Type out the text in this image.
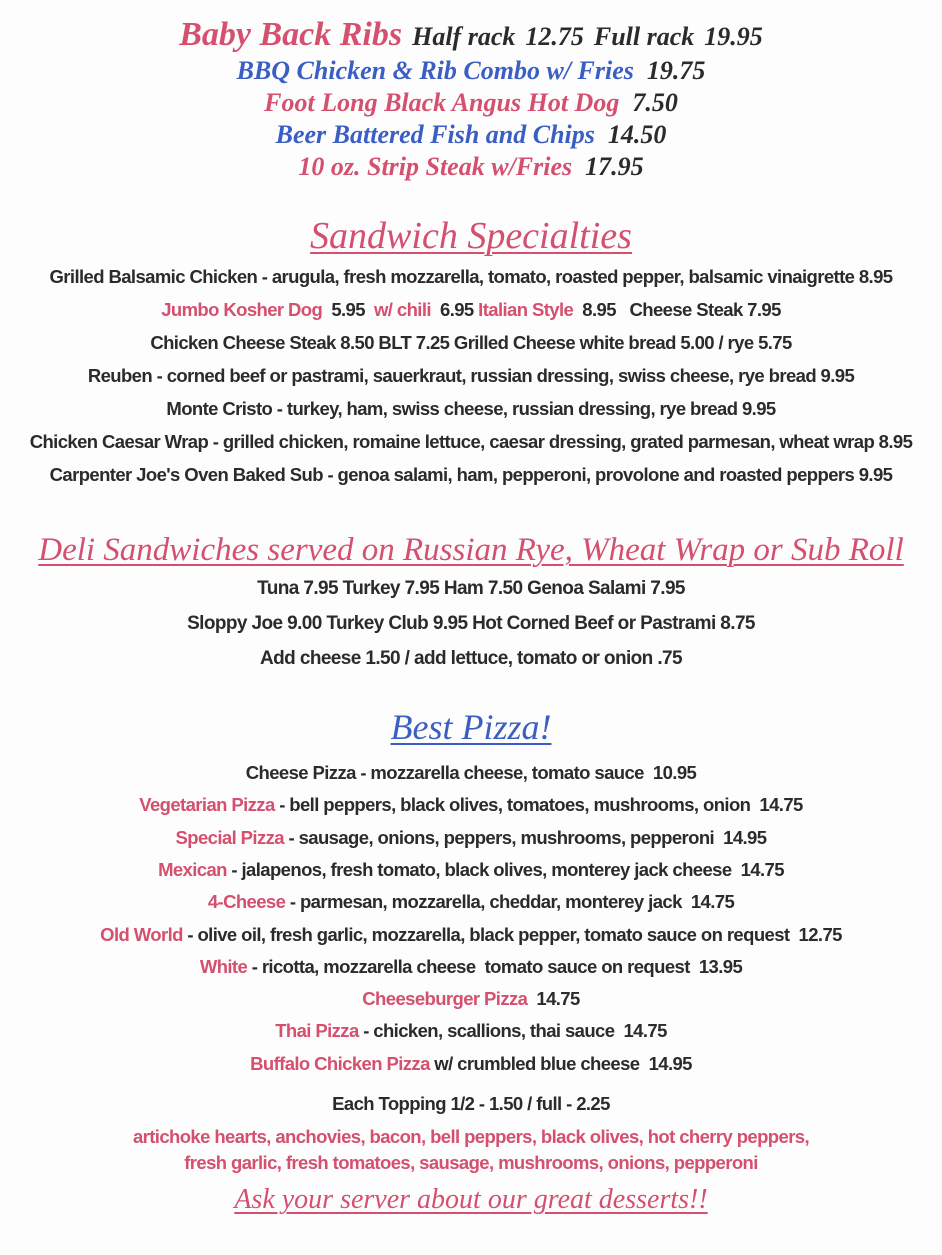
Baby Back Ribs Half rack 12.75 Full rack 19.95
BBQ Chicken & Rib Combo w/ Fries 19.75
Foot Long Black Angus Hot Dog 7.50
Beer Battered Fish and Chips 14.50
10 oz. Strip Steak w/Fries 17.95
Sandwich Specialties
Grilled Balsamic Chicken - arugula, fresh mozzarella, tomato, roasted pepper, balsamic vinaigrette 8.95
Jumbo Kosher Dog 5.95 w/ chili 6.95 Italian Style 8.95 Cheese Steak 7.95
Chicken Cheese Steak 8.50 BLT 7.25 Grilled Cheese white bread 5.00 / rye 5.75
Reuben - corned beef or pastrami, sauerkraut, russian dressing, swiss cheese, rye bread 9.95
Monte Cristo - turkey, ham, swiss cheese, russian dressing, rye bread 9.95
Chicken Caesar Wrap - grilled chicken, romaine lettuce, caesar dressing, grated parmesan, wheat wrap 8.95
Carpenter Joe's Oven Baked Sub - genoa salami, ham, pepperoni, provolone and roasted peppers 9.95
Deli Sandwiches served on Russian Rye, Wheat Wrap or Sub Roll
Tuna 7.95 Turkey 7.95 Ham 7.50 Genoa Salami 7.95
Sloppy Joe 9.00 Turkey Club 9.95 Hot Corned Beef or Pastrami 8.75
Add cheese 1.50 / add lettuce, tomato or onion .75
Best Pizza!
Cheese Pizza - mozzarella cheese, tomato sauce  10.95
Vegetarian Pizza - bell peppers, black olives, tomatoes, mushrooms, onion  14.75
Special Pizza - sausage, onions, peppers, mushrooms, pepperoni  14.95
Mexican - jalapenos, fresh tomato, black olives, monterey jack cheese  14.75
4-Cheese - parmesan, mozzarella, cheddar, monterey jack  14.75
Old World - olive oil, fresh garlic, mozzarella, black pepper, tomato sauce on request  12.75
White - ricotta, mozzarella cheese  tomato sauce on request  13.95
Cheeseburger Pizza  14.75
Thai Pizza - chicken, scallions, thai sauce  14.75
Buffalo Chicken Pizza w/ crumbled blue cheese  14.95
Each Topping 1/2 - 1.50 / full - 2.25
artichoke hearts, anchovies, bacon, bell peppers, black olives, hot cherry peppers,
fresh garlic, fresh tomatoes, sausage, mushrooms, onions, pepperoni
Ask your server about our great desserts!!
